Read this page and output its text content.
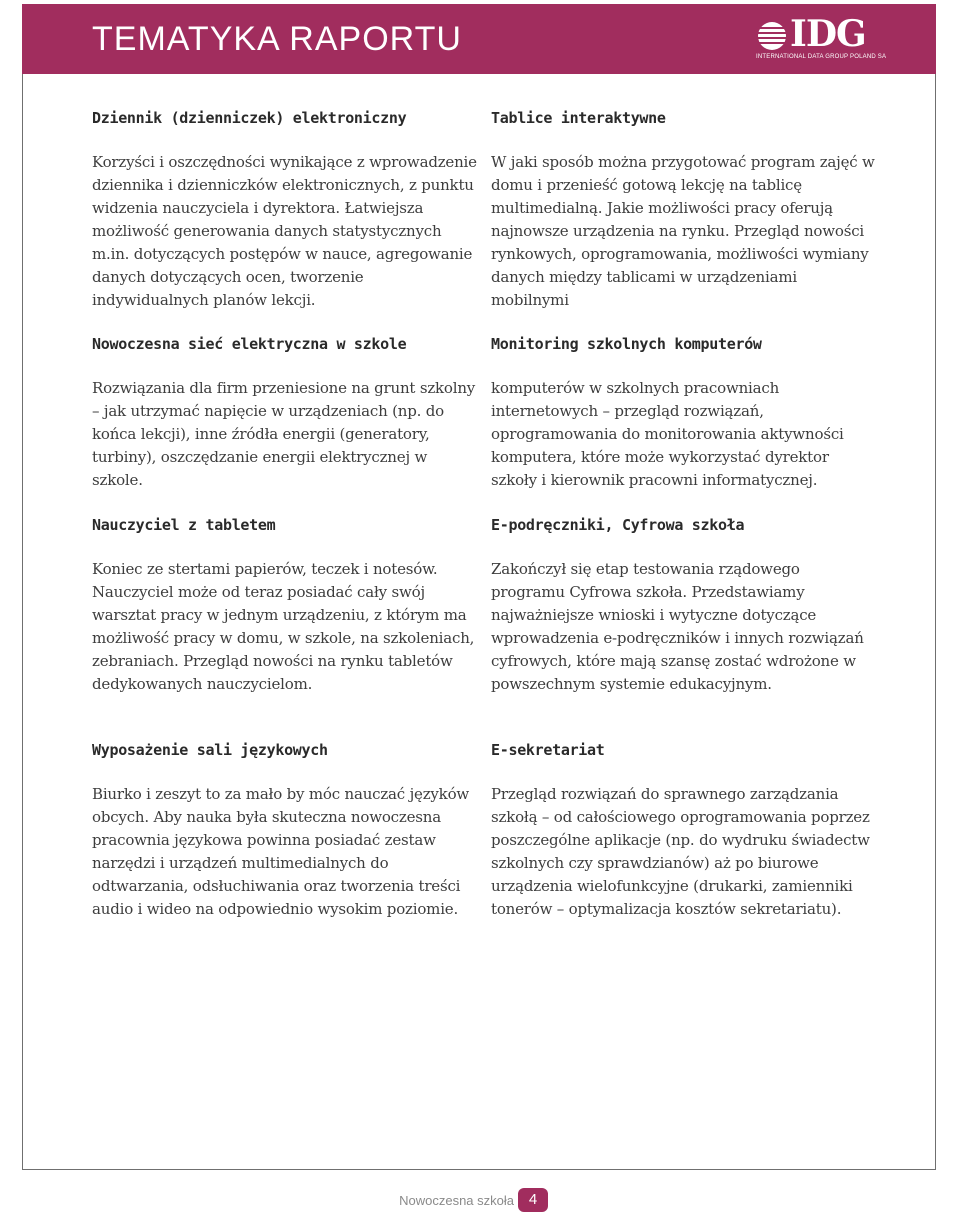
TEMATYKA RAPORTU	IDG
INTERNATIONAL DATA GROUP POLAND SA
Dziennik (dzienniczek) elektroniczny

Korzyści i oszczędności wynikające z wprowadzenie dziennika i dzienniczków elektronicznych, z punktu widzenia nauczyciela i dyrektora. Łatwiejsza możliwość generowania danych statystycznych m.in. dotyczących postępów w nauce, agregowanie danych dotyczących ocen, tworzenie indywidualnych planów lekcji.

Tablice interaktywne

W jaki sposób można przygotować program zajęć w domu i przenieść gotową lekcję na tablicę multimedialną. Jakie możliwości pracy oferują najnowsze urządzenia na rynku. Przegląd nowości rynkowych, oprogramowania, możliwości wymiany danych między tablicami w urządzeniami mobilnymi

Nowoczesna sieć elektryczna w szkole

Rozwiązania dla firm przeniesione na grunt szkolny – jak utrzymać napięcie w urządzeniach (np. do końca lekcji), inne źródła energii (generatory, turbiny), oszczędzanie energii elektrycznej w szkole.

Monitoring szkolnych komputerów

komputerów w szkolnych pracowniach internetowych – przegląd rozwiązań, oprogramowania do monitorowania aktywności komputera, które może wykorzystać dyrektor szkoły i kierownik pracowni informatycznej.

Nauczyciel z tabletem

Koniec ze stertami papierów, teczek i notesów. Nauczyciel może od teraz posiadać cały swój warsztat pracy w jednym urządzeniu, z którym ma możliwość pracy w domu, w szkole, na szkoleniach, zebraniach. Przegląd nowości na rynku tabletów dedykowanych nauczycielom.

E-podręczniki, Cyfrowa szkoła

Zakończył się etap testowania rządowego programu Cyfrowa szkoła. Przedstawiamy najważniejsze wnioski i wytyczne dotyczące wprowadzenia e-podręczników i innych rozwiązań cyfrowych, które mają szansę zostać wdrożone w powszechnym systemie edukacyjnym.

Wyposażenie sali językowych

Biurko i zeszyt to za mało by móc nauczać języków obcych. Aby nauka była skuteczna nowoczesna pracownia językowa powinna posiadać zestaw narzędzi i urządzeń multimedialnych do odtwarzania, odsłuchiwania oraz tworzenia treści audio i wideo na odpowiednio wysokim poziomie.

E-sekretariat

Przegląd rozwiązań do sprawnego zarządzania szkołą – od całościowego oprogramowania poprzez poszczególne aplikacje (np. do wydruku świadectw szkolnych czy sprawdzianów) aż po biurowe urządzenia wielofunkcyjne (drukarki, zamienniki tonerów – optymalizacja kosztów sekretariatu).

Nowoczesna szkoła 4
